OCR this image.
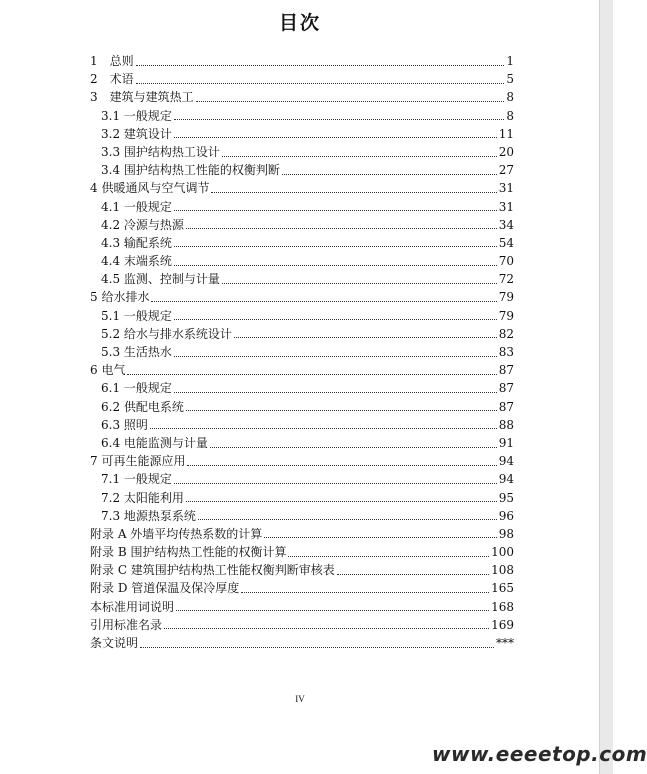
目次
1　总则	1
2　术语	5
3　建筑与建筑热工	8
3.1 一般规定	8
3.2 建筑设计	11
3.3 围护结构热工设计	20
3.4 围护结构热工性能的权衡判断	27
4 供暖通风与空气调节	31
4.1 一般规定	31
4.2 冷源与热源	34
4.3 输配系统	54
4.4 末端系统	70
4.5 监测、控制与计量	72
5 给水排水	79
5.1 一般规定	79
5.2 给水与排水系统设计	82
5.3 生活热水	83
6 电气	87
6.1 一般规定	87
6.2 供配电系统	87
6.3 照明	88
6.4 电能监测与计量	91
7 可再生能源应用	94
7.1 一般规定	94
7.2 太阳能利用	95
7.3 地源热泵系统	96
附录 A 外墙平均传热系数的计算	98
附录 B 围护结构热工性能的权衡计算	100
附录 C 建筑围护结构热工性能权衡判断审核表	108
附录 D 管道保温及保冷厚度	165
本标准用词说明	168
引用标准名录	169
条文说明	***
IV
www.eeeetop.com
